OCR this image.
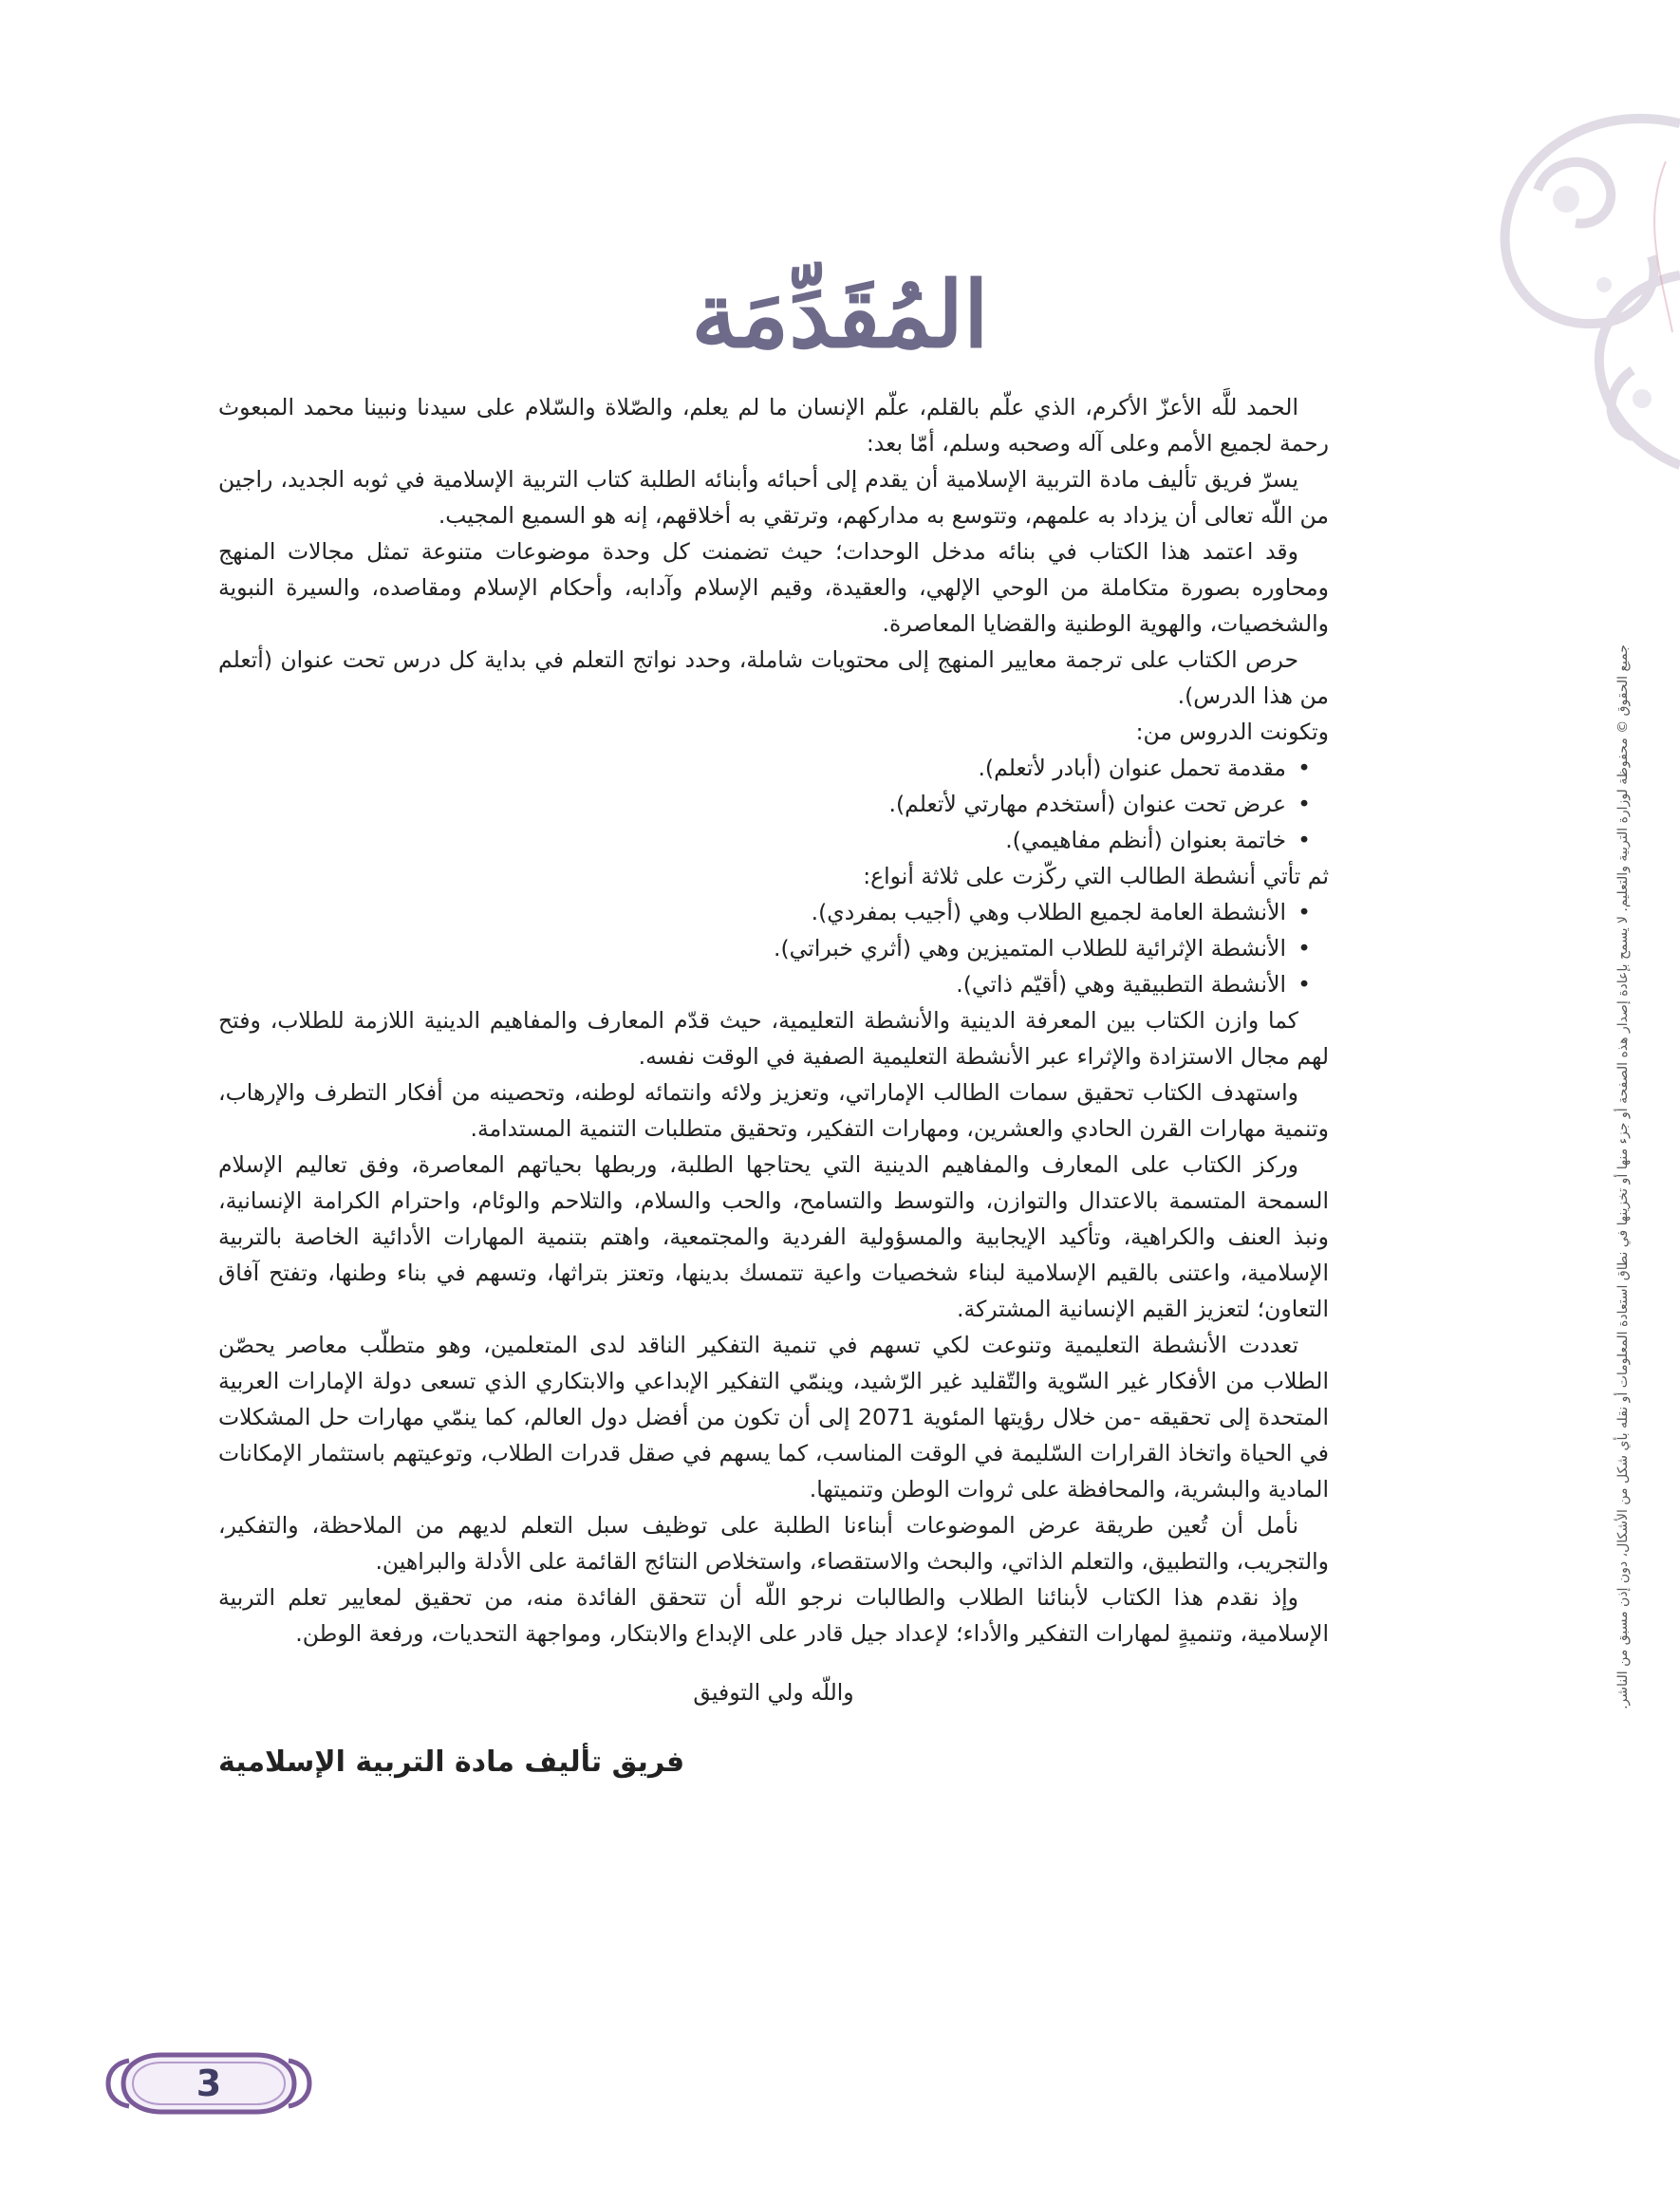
المُقَدِّمَة

الحمد للَّه الأعزّ الأكرم، الذي علّم بالقلم، علّم الإنسان ما لم يعلم، والصّلاة والسّلام على سيدنا ونبينا محمد المبعوث رحمة لجميع الأمم وعلى آله وصحبه وسلم، أمّا بعد:

يسرّ فريق تأليف مادة التربية الإسلامية أن يقدم إلى أحبائه وأبنائه الطلبة كتاب التربية الإسلامية في ثوبه الجديد، راجين من اللّه تعالى أن يزداد به علمهم، وتتوسع به مداركهم، وترتقي به أخلاقهم، إنه هو السميع المجيب.

وقد اعتمد هذا الكتاب في بنائه مدخل الوحدات؛ حيث تضمنت كل وحدة موضوعات متنوعة تمثل مجالات المنهج ومحاوره بصورة متكاملة من الوحي الإلهي، والعقيدة، وقيم الإسلام وآدابه، وأحكام الإسلام ومقاصده، والسيرة النبوية والشخصيات، والهوية الوطنية والقضايا المعاصرة.

حرص الكتاب على ترجمة معايير المنهج إلى محتويات شاملة، وحدد نواتج التعلم في بداية كل درس تحت عنوان (أتعلم من هذا الدرس).

وتكونت الدروس من:

• مقدمة تحمل عنوان (أبادر لأتعلم).
• عرض تحت عنوان (أستخدم مهارتي لأتعلم).
• خاتمة بعنوان (أنظم مفاهيمي).

ثم تأتي أنشطة الطالب التي ركّزت على ثلاثة أنواع:

• الأنشطة العامة لجميع الطلاب وهي (أجيب بمفردي).
• الأنشطة الإثرائية للطلاب المتميزين وهي (أثري خبراتي).
• الأنشطة التطبيقية وهي (أقيّم ذاتي).

كما وازن الكتاب بين المعرفة الدينية والأنشطة التعليمية، حيث قدّم المعارف والمفاهيم الدينية اللازمة للطلاب، وفتح لهم مجال الاستزادة والإثراء عبر الأنشطة التعليمية الصفية في الوقت نفسه.

واستهدف الكتاب تحقيق سمات الطالب الإماراتي، وتعزيز ولائه وانتمائه لوطنه، وتحصينه من أفكار التطرف والإرهاب، وتنمية مهارات القرن الحادي والعشرين، ومهارات التفكير، وتحقيق متطلبات التنمية المستدامة.

وركز الكتاب على المعارف والمفاهيم الدينية التي يحتاجها الطلبة، وربطها بحياتهم المعاصرة، وفق تعاليم الإسلام السمحة المتسمة بالاعتدال والتوازن، والتوسط والتسامح، والحب والسلام، والتلاحم والوئام، واحترام الكرامة الإنسانية، ونبذ العنف والكراهية، وتأكيد الإيجابية والمسؤولية الفردية والمجتمعية، واهتم بتنمية المهارات الأدائية الخاصة بالتربية الإسلامية، واعتنى بالقيم الإسلامية لبناء شخصيات واعية تتمسك بدينها، وتعتز بتراثها، وتسهم في بناء وطنها، وتفتح آفاق التعاون؛ لتعزيز القيم الإنسانية المشتركة.

تعددت الأنشطة التعليمية وتنوعت لكي تسهم في تنمية التفكير الناقد لدى المتعلمين، وهو متطلّب معاصر يحصّن الطلاب من الأفكار غير السّوية والتّقليد غير الرّشيد، وينمّي التفكير الإبداعي والابتكاري الذي تسعى دولة الإمارات العربية المتحدة إلى تحقيقه -من خلال رؤيتها المئوية 2071 إلى أن تكون من أفضل دول العالم، كما ينمّي مهارات حل المشكلات في الحياة واتخاذ القرارات السّليمة في الوقت المناسب، كما يسهم في صقل قدرات الطلاب، وتوعيتهم باستثمار الإمكانات المادية والبشرية، والمحافظة على ثروات الوطن وتنميتها.

نأمل أن تُعين طريقة عرض الموضوعات أبناءنا الطلبة على توظيف سبل التعلم لديهم من الملاحظة، والتفكير، والتجريب، والتطبيق، والتعلم الذاتي، والبحث والاستقصاء، واستخلاص النتائج القائمة على الأدلة والبراهين.

وإذ نقدم هذا الكتاب لأبنائنا الطلاب والطالبات نرجو اللّه أن تتحقق الفائدة منه، من تحقيق لمعايير تعلم التربية الإسلامية، وتنميةٍ لمهارات التفكير والأداء؛ لإعداد جيل قادر على الإبداع والابتكار، ومواجهة التحديات، ورفعة الوطن.

واللّه ولي التوفيق
فريق تأليف مادة التربية الإسلامية
جميع الحقوق © محفوظة لوزارة التربية والتعليم. لا يسمح بإعادة إصدار هذه الصفحة أو جزء منها أو تخزينها في نطاق استعادة المعلومات أو نقله بأي شكل من الأشكال، دون إذن مسبق من الناشر.
3
